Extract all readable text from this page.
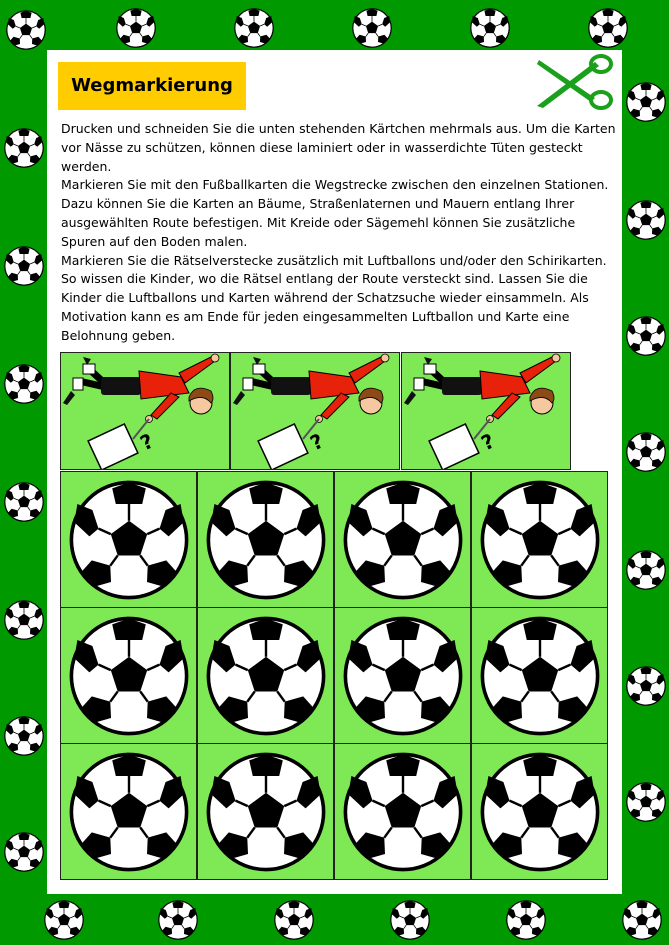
Wegmarkierung

Drucken und schneiden Sie die unten stehenden Kärtchen mehrmals aus. Um die Karten vor Nässe zu schützen, können diese laminiert oder in wasserdichte Tüten gesteckt werden.

Markieren Sie mit den Fußballkarten die Wegstrecke zwischen den einzelnen Stationen. Dazu können Sie die Karten an Bäume, Straßenlaternen und Mauern entlang Ihrer ausgewählten Route befestigen. Mit Kreide oder Sägemehl können Sie zusätzliche Spuren auf den Boden malen.

Markieren Sie die Rätselverstecke zusätzlich mit Luftballons und/oder den Schirikarten. So wissen die Kinder, wo die Rätsel entlang der Route versteckt sind. Lassen Sie die Kinder die Luftballons und Karten während der Schatzsuche wieder einsammeln. Als Motivation kann es am Ende für jeden eingesammelten Luftballon und Karte eine Belohnung geben.

?	?	?
